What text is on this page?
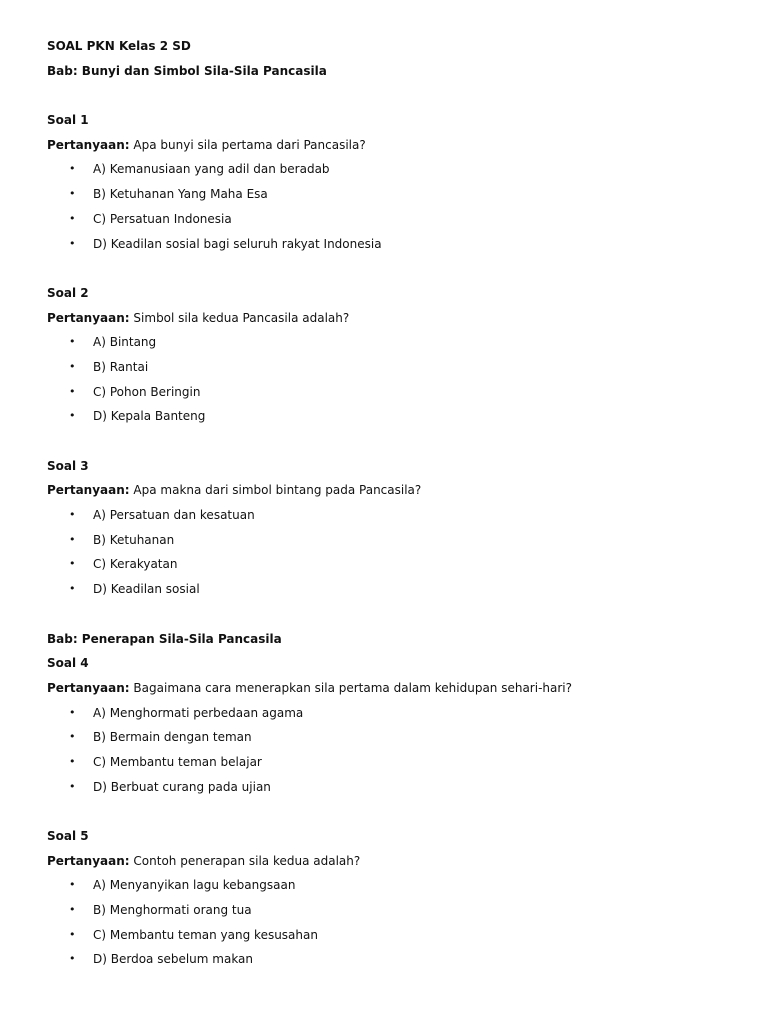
SOAL PKN Kelas 2 SD
Bab: Bunyi dan Simbol Sila-Sila Pancasila
Soal 1
Pertanyaan: Apa bunyi sila pertama dari Pancasila?
• A) Kemanusiaan yang adil dan beradab
• B) Ketuhanan Yang Maha Esa
• C) Persatuan Indonesia
• D) Keadilan sosial bagi seluruh rakyat Indonesia
Soal 2
Pertanyaan: Simbol sila kedua Pancasila adalah?
• A) Bintang
• B) Rantai
• C) Pohon Beringin
• D) Kepala Banteng
Soal 3
Pertanyaan: Apa makna dari simbol bintang pada Pancasila?
• A) Persatuan dan kesatuan
• B) Ketuhanan
• C) Kerakyatan
• D) Keadilan sosial
Bab: Penerapan Sila-Sila Pancasila
Soal 4
Pertanyaan: Bagaimana cara menerapkan sila pertama dalam kehidupan sehari-hari?
• A) Menghormati perbedaan agama
• B) Bermain dengan teman
• C) Membantu teman belajar
• D) Berbuat curang pada ujian
Soal 5
Pertanyaan: Contoh penerapan sila kedua adalah?
• A) Menyanyikan lagu kebangsaan
• B) Menghormati orang tua
• C) Membantu teman yang kesusahan
• D) Berdoa sebelum makan
